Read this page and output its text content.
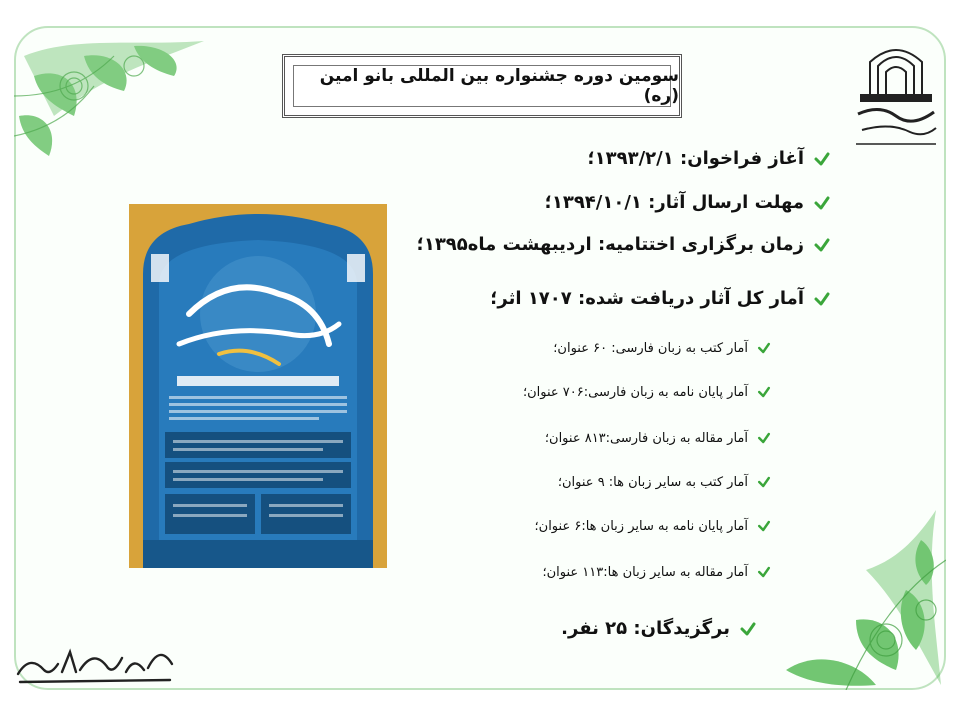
سومین دوره جشنواره بین المللی بانو امین (ره)
آغاز فراخوان: ۱۳۹۳/۲/۱؛
مهلت ارسال آثار: ۱۳۹۴/۱۰/۱؛
زمان برگزاری اختتامیه: اردیبهشت ماه۱۳۹۵؛
آمار کل آثار دریافت شده: ۱۷۰۷ اثر؛
آمار کتب به زبان فارسی: ۶۰ عنوان؛
آمار پایان نامه به زبان فارسی:۷۰۶ عنوان؛
آمار مقاله به زبان فارسی:۸۱۳ عنوان؛
آمار کتب به سایر زبان ها: ۹ عنوان؛
آمار پایان نامه به سایر زبان ها:۶ عنوان؛
آمار مقاله به سایر زبان ها:۱۱۳ عنوان؛
برگزیدگان: ۲۵ نفر.
